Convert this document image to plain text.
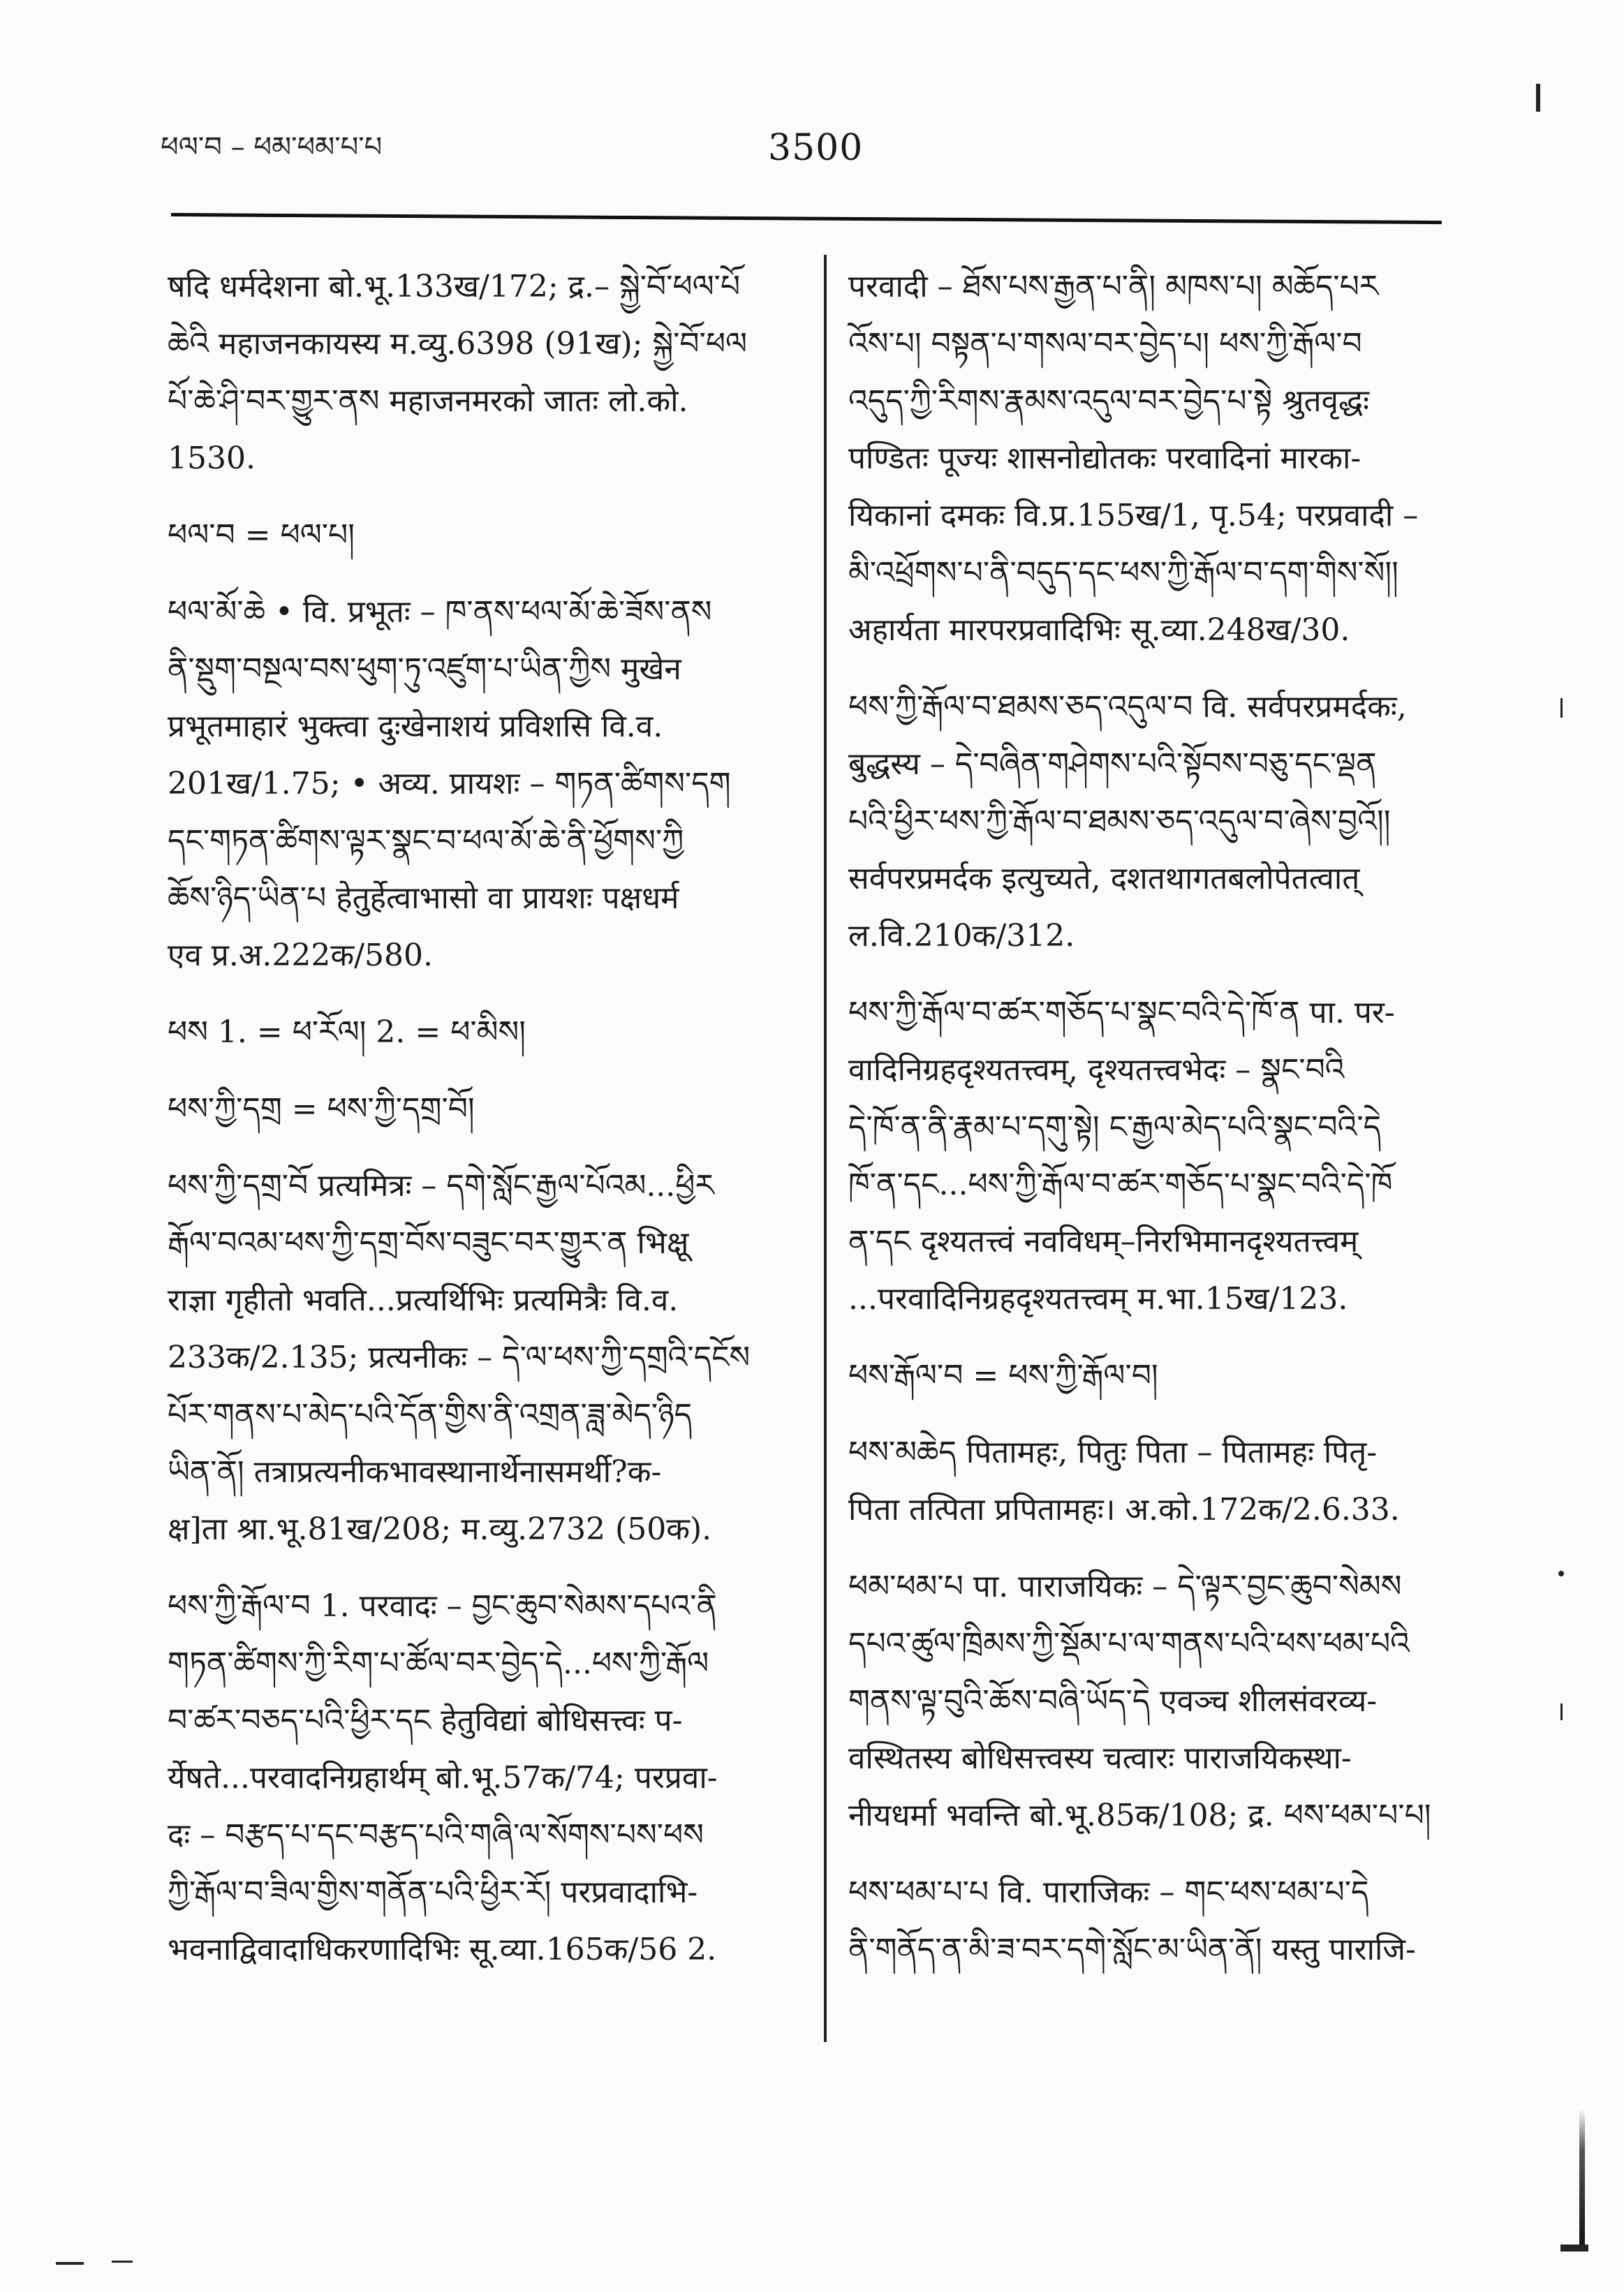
ཕལ་བ – ཕམ་ཕམ་པ་པ	3500
षदि धर्मदेशना बो.भू.133ख/172; द्र.– སྐྱེ་བོ་ཕལ་པོ
ཆེའི महाजनकायस्य म.व्यु.6398 (91ख); སྐྱེ་བོ་ཕལ
པོ་ཆེ་ཤི་བར་གྱུར་ནས महाजनमरको जातः लो.को.
1530.
ཕལ་བ = ཕལ་པ།
ཕལ་མོ་ཆེ • वि. प्रभूतः – ཁ་ནས་ཕལ་མོ་ཆེ་ཟོས་ནས
ནི་སྡུག་བསྔལ་བས་ཕུག་ཏུ་འཛུག་པ་ཡིན་ཀྱིས मुखेन
प्रभूतमाहारं भुक्त्वा दुःखेनाशयं प्रविशसि वि.व.
201ख/1.75; • अव्य. प्रायशः – གཏན་ཚིགས་དག
དང་གཏན་ཚིགས་ལྟར་སྣང་བ་ཕལ་མོ་ཆེ་ནི་ཕྱོགས་ཀྱི
ཆོས་ཉིད་ཡིན་པ हेतुर्हेत्वाभासो वा प्रायशः पक्षधर्म
एव प्र.अ.222क/580.
ཕས 1. = ཕ་རོལ། 2. = ཕ་མིས།
ཕས་ཀྱི་དགྲ = ཕས་ཀྱི་དགྲ་བོ།
ཕས་ཀྱི་དགྲ་བོ प्रत्यमित्रः – དགེ་སློང་རྒྱལ་པོའམ...ཕྱིར
རྒོལ་བའམ་ཕས་ཀྱི་དགྲ་བོས་བཟུང་བར་གྱུར་ན भिक्षू
राज्ञा गृहीतो भवति...प्रत्यर्थिभिः प्रत्यमित्रैः वि.व.
233क/2.135; प्रत्यनीकः – དེ་ལ་ཕས་ཀྱི་དགྲའི་དངོས
པོར་གནས་པ་མེད་པའི་དོན་གྱིས་ནི་འགྲན་ཟླ་མེད་ཉིད
ཡིན་ནོ། तत्राप्रत्यनीकभावस्थानार्थेनासमर्थी?क-
क्ष]ता श्रा.भू.81ख/208; म.व्यु.2732 (50क).
ཕས་ཀྱི་རྒོལ་བ 1. परवादः – བྱང་ཆུབ་སེམས་དཔའ་ནི
གཏན་ཚིགས་ཀྱི་རིག་པ་ཚོལ་བར་བྱེད་དེ...ཕས་ཀྱི་རྒོལ
བ་ཚར་བཅད་པའི་ཕྱིར་དང हेतुविद्यां बोधिसत्त्वः प-
र्येषते...परवादनिग्रहार्थम् बो.भू.57क/74; परप्रवा-
दः – བརྩད་པ་དང་བརྩད་པའི་གཞི་ལ་སོགས་པས་ཕས
ཀྱི་རྒོལ་བ་ཟིལ་གྱིས་གནོན་པའི་ཕྱིར་རོ། परप्रवादाभि-
भवनाद्विवादाधिकरणादिभिः सू.व्या.165क/56 2.
परवादी – ཐོས་པས་རྒྱན་པ་ནི། མཁས་པ། མཆོད་པར
འོས་པ། བསྟན་པ་གསལ་བར་བྱེད་པ། ཕས་ཀྱི་རྒོལ་བ
འདུད་ཀྱི་རིགས་རྣམས་འདུལ་བར་བྱེད་པ་སྟེ श्रुतवृद्धः
पण्डितः पूज्यः शासनोद्योतकः परवादिनां मारका-
यिकानां दमकः वि.प्र.155ख/1, पृ.54; परप्रवादी –
མི་འཕྲོགས་པ་ནི་བདུད་དང་ཕས་ཀྱི་རྒོལ་བ་དག་གིས་སོ།།
अहार्यता मारपरप्रवादिभिः सू.व्या.248ख/30.
ཕས་ཀྱི་རྒོལ་བ་ཐམས་ཅད་འདུལ་བ वि. सर्वपरप्रमर्दकः,
बुद्धस्य – དེ་བཞིན་གཤེགས་པའི་སྟོབས་བཅུ་དང་ལྡན
པའི་ཕྱིར་ཕས་ཀྱི་རྒོལ་བ་ཐམས་ཅད་འདུལ་བ་ཞེས་བྱའོ།།
सर्वपरप्रमर्दक इत्युच्यते, दशतथागतबलोपेतत्वात्
ल.वि.210क/312.
ཕས་ཀྱི་རྒོལ་བ་ཚར་གཅོད་པ་སྣང་བའི་དེ་ཁོ་ན पा. पर-
वादिनिग्रहदृश्यतत्त्वम्, दृश्यतत्त्वभेदः – སྣང་བའི
དེ་ཁོ་ན་ནི་རྣམ་པ་དགུ་སྟེ། ང་རྒྱལ་མེད་པའི་སྣང་བའི་དེ
ཁོ་ན་དང...ཕས་ཀྱི་རྒོལ་བ་ཚར་གཅོད་པ་སྣང་བའི་དེ་ཁོ
ན་དང दृश्यतत्त्वं नवविधम्–निरभिमानदृश्यतत्त्वम्
...परवादिनिग्रहदृश्यतत्त्वम् म.भा.15ख/123.
ཕས་རྒོལ་བ = ཕས་ཀྱི་རྒོལ་བ།
ཕས་མཆེད पितामहः, पितुः पिता – पितामहः पितृ-
पिता तत्पिता प्रपितामहः। अ.को.172क/2.6.33.
ཕམ་ཕམ་པ पा. पाराजयिकः – དེ་ལྟར་བྱང་ཆུབ་སེམས
དཔའ་ཚུལ་ཁྲིམས་ཀྱི་སྡོམ་པ་ལ་གནས་པའི་ཕས་ཕམ་པའི
གནས་ལྟ་བུའི་ཆོས་བཞི་ཡོད་དེ एवञ्च शीलसंवरव्य-
वस्थितस्य बोधिसत्त्वस्य चत्वारः पाराजयिकस्था-
नीयधर्मा भवन्ति बो.भू.85क/108; द्र. ཕས་ཕམ་པ་པ།
ཕས་ཕམ་པ་པ वि. पाराजिकः – གང་ཕས་ཕམ་པ་དེ
ནི་གནོད་ན་མི་ཟ་བར་དགེ་སློང་མ་ཡིན་ནོ། यस्तु पाराजि-
